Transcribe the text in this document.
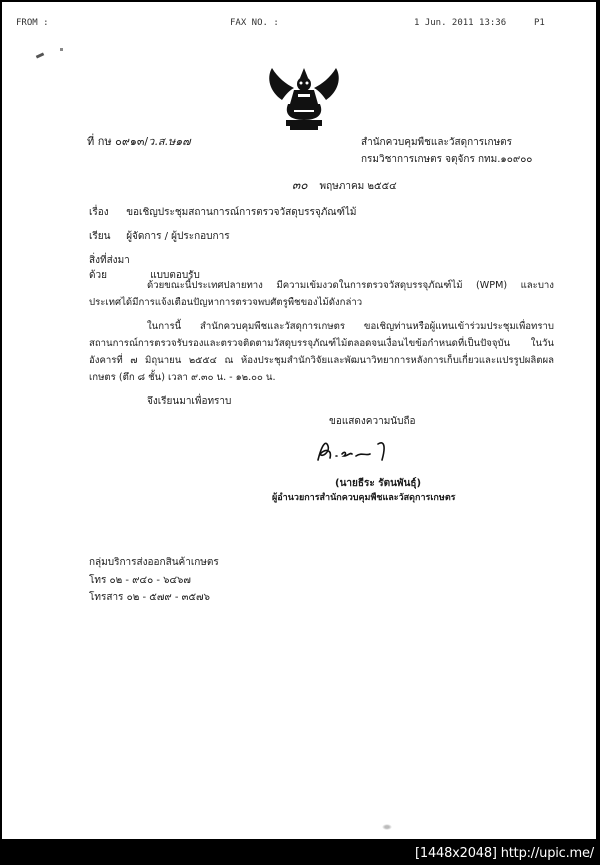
FROM :	FAX NO. :	1 Jun. 2011 13:36	P1
ที่ กษ ๐๙๑๓/ว.ส.ษ๑๗	สำนักควบคุมพืชและวัสดุการเกษตร
กรมวิชาการเกษตร จตุจักร กทม.๑๐๙๐๐
๓๐ พฤษภาคม ๒๕๕๔
เรื่อง ขอเชิญประชุมสถานการณ์การตรวจวัสดุบรรจุภัณฑ์ไม้
เรียน ผู้จัดการ / ผู้ประกอบการ
สิ่งที่ส่งมาด้วย	แบบตอบรับ
ด้วยขณะนี้ประเทศปลายทาง มีความเข้มงวดในการตรวจวัสดุบรรจุภัณฑ์ไม้ (WPM) และบางประเทศได้มีการแจ้งเตือนปัญหาการตรวจพบศัตรูพืชของไม้ดังกล่าว
ในการนี้ สำนักควบคุมพืชและวัสดุการเกษตร ขอเชิญท่านหรือผู้แทนเข้าร่วมประชุมเพื่อทราบสถานการณ์การตรวจรับรองและตรวจติดตามวัสดุบรรจุภัณฑ์ไม้ตลอดจนเงื่อนไขข้อกำหนดที่เป็นปัจจุบัน ในวันอังคารที่ ๗ มิถุนายน ๒๕๕๔ ณ ห้องประชุมสำนักวิจัยและพัฒนาวิทยาการหลังการเก็บเกี่ยวและแปรรูปผลิตผลเกษตร (ตึก ๘ ชั้น) เวลา ๙.๓๐ น. - ๑๒.๐๐ น.
จึงเรียนมาเพื่อทราบ
ขอแสดงความนับถือ
(นายธีระ รัตนพันธุ์)
ผู้อำนวยการสำนักควบคุมพืชและวัสดุการเกษตร
กลุ่มบริการส่งออกสินค้าเกษตร
โทร ๐๒ - ๙๔๐ - ๖๔๖๗
โทรสาร ๐๒ - ๕๗๙ - ๓๕๗๖
[1448x2048] http://upic.me/
